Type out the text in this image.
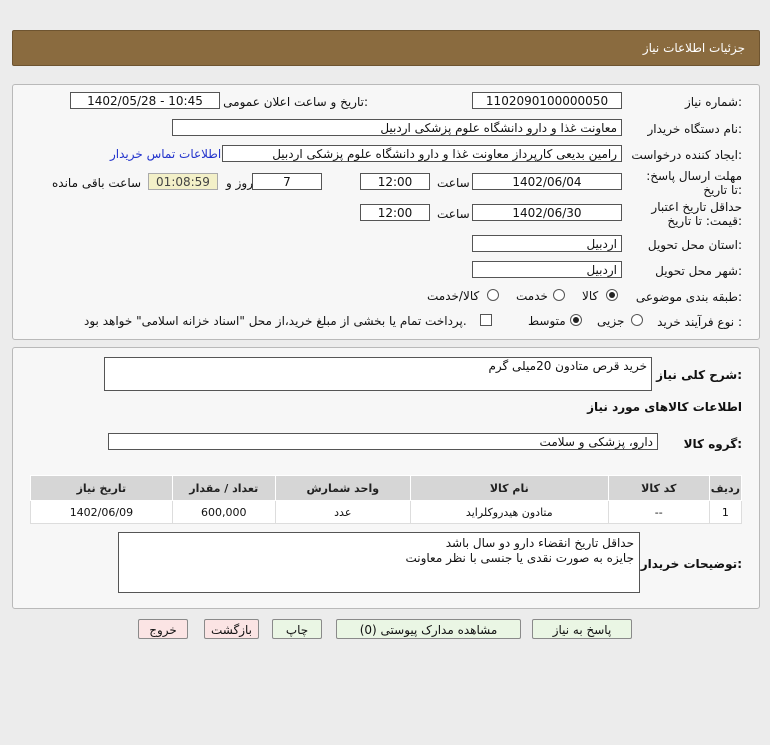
جزئیات اطلاعات نیاز
شماره نیاز:
1102090100000050
تاریخ و ساعت اعلان عمومی:
1402/05/28 - 10:45
نام دستگاه خریدار:
معاونت غذا و دارو دانشگاه علوم پزشکی اردبیل
ایجاد کننده درخواست:
رامین بدیعی کارپرداز معاونت غذا و دارو دانشگاه علوم پزشکی اردبیل
اطلاعات تماس خریدار
مهلت ارسال پاسخ: تا تاریخ:
1402/06/04
ساعت
12:00
7
روز و
01:08:59
ساعت باقی مانده
حداقل تاریخ اعتبار
قیمت: تا تاریخ:
1402/06/30
ساعت
12:00
استان محل تحویل:
اردبیل
شهر محل تحویل:
اردبیل
طبقه بندی موضوعی:
کالا
خدمت
کالا/خدمت
نوع فرآیند خرید :
جزیی
متوسط
پرداخت تمام یا بخشی از مبلغ خرید،از محل "اسناد خزانه اسلامی" خواهد بود.
شرح کلی نیاز:
خرید قرص متادون 20میلی گرم
اطلاعات کالاهای مورد نیاز
گروه کالا:
دارو، پزشکی و سلامت
ردیف	کد کالا	نام کالا	واحد شمارش	تعداد / مقدار	تاریخ نیاز
1	--	متادون هیدروکلراید	عدد	600,000	1402/06/09
توضیحات خریدار:
حداقل تاریخ انقضاء دارو دو سال باشد
جایزه به صورت نقدی یا جنسی با نظر معاونت
پاسخ به نیاز
مشاهده مدارک پیوستی (0)
چاپ
بازگشت
خروج
